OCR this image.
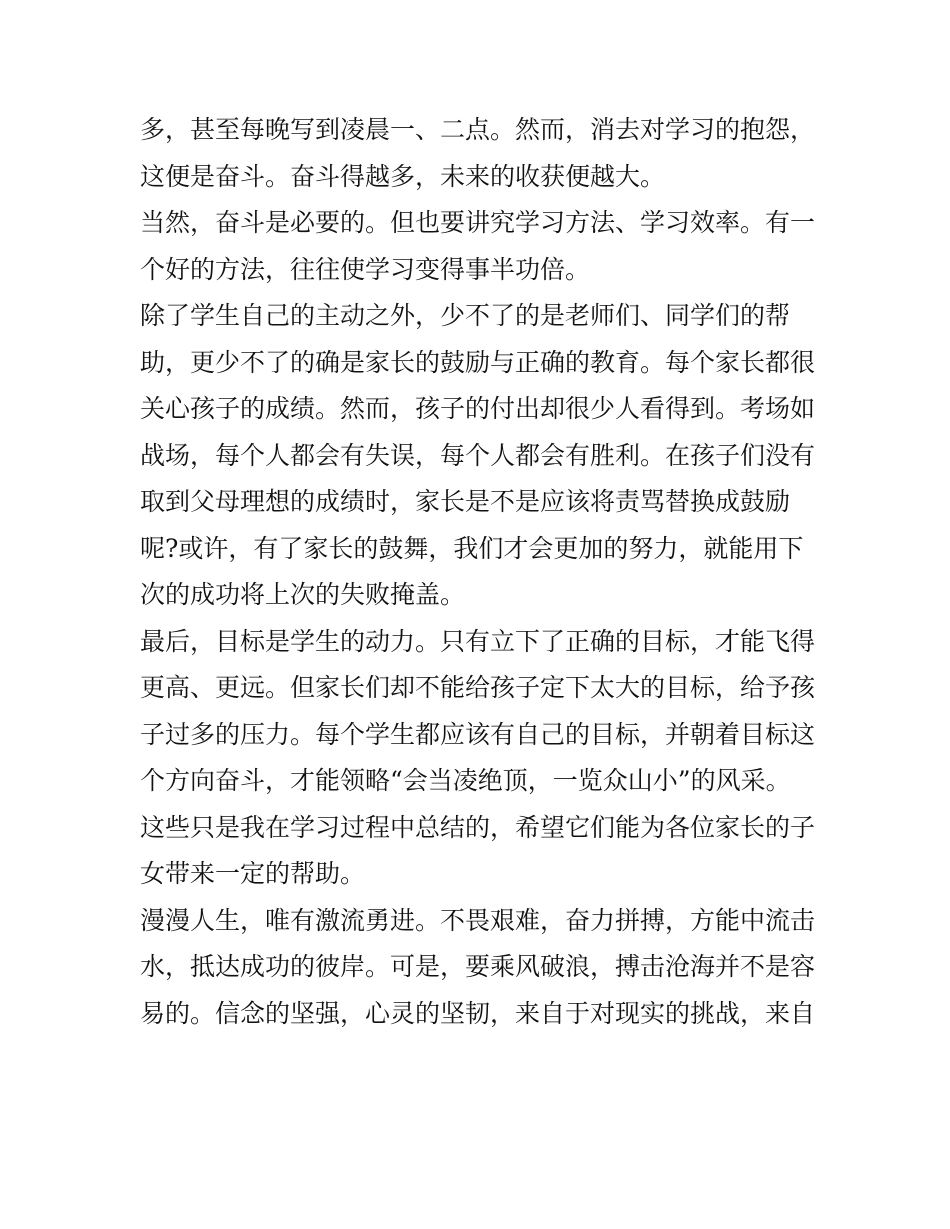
多，甚至每晚写到凌晨一、二点。然而，消去对学习的抱怨，
这便是奋斗。奋斗得越多，未来的收获便越大。
当然，奋斗是必要的。但也要讲究学习方法、学习效率。有一
个好的方法，往往使学习变得事半功倍。
除了学生自己的主动之外，少不了的是老师们、同学们的帮
助，更少不了的确是家长的鼓励与正确的教育。每个家长都很
关心孩子的成绩。然而，孩子的付出却很少人看得到。考场如
战场，每个人都会有失误，每个人都会有胜利。在孩子们没有
取到父母理想的成绩时，家长是不是应该将责骂替换成鼓励
呢?或许，有了家长的鼓舞，我们才会更加的努力，就能用下
次的成功将上次的失败掩盖。
最后，目标是学生的动力。只有立下了正确的目标，才能飞得
更高、更远。但家长们却不能给孩子定下太大的目标，给予孩
子过多的压力。每个学生都应该有自己的目标，并朝着目标这
个方向奋斗，才能领略“会当凌绝顶，一览众山小”的风采。
这些只是我在学习过程中总结的，希望它们能为各位家长的子
女带来一定的帮助。
漫漫人生，唯有激流勇进。不畏艰难，奋力拼搏，方能中流击
水，抵达成功的彼岸。可是，要乘风破浪，搏击沧海并不是容
易的。信念的坚强，心灵的坚韧，来自于对现实的挑战，来自
